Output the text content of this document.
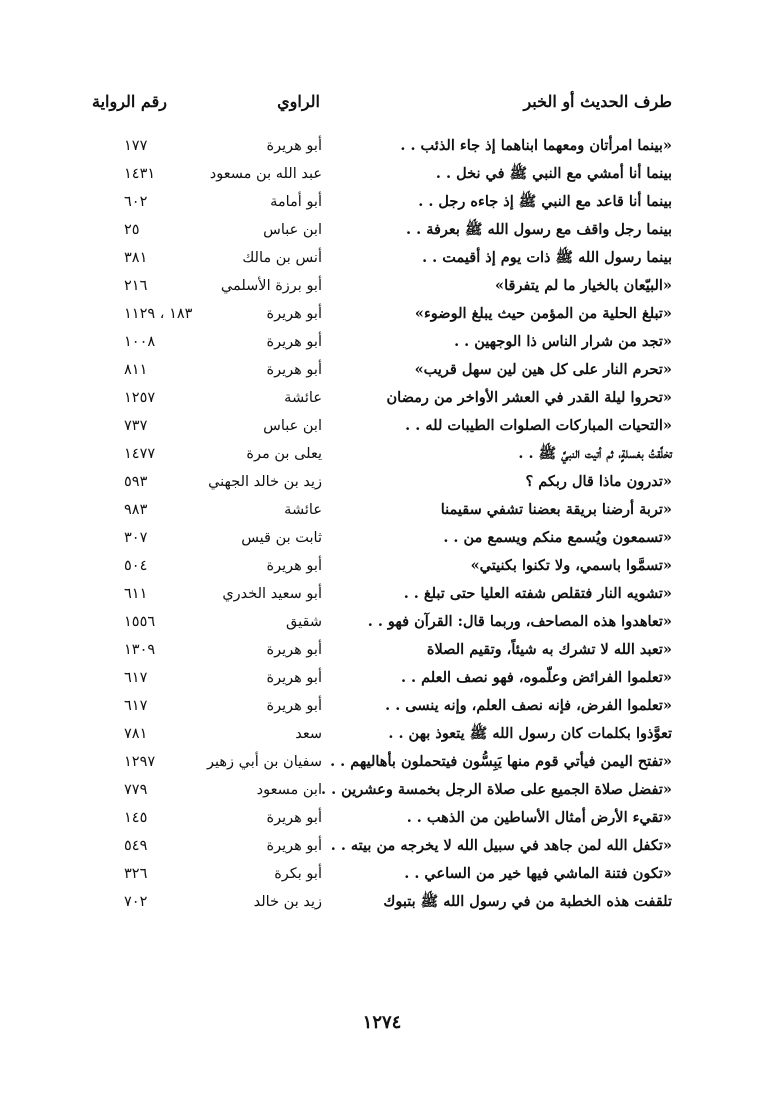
طرف الحديث أو الخبر
الراوي
رقم الرواية
«بينما امرأتان ومعهما ابناهما إذ جاء الذئب . .
أبو هريرة
١٧٧
بينما أنا أمشي مع النبي ﷺ في نخل . .
عبد الله بن مسعود
١٤٣١
بينما أنا قاعد مع النبي ﷺ إذ جاءه رجل . .
أبو أمامة
٦٠٢
بينما رجل واقف مع رسول الله ﷺ بعرفة . .
ابن عباس
٢٥
بينما رسول الله ﷺ ذات يوم إذ أقيمت . .
أنس بن مالك
٣٨١
«البيّعان بالخيار ما لم يتفرقا»
أبو برزة الأسلمي
٢١٦
«تبلغ الحلية من المؤمن حيث يبلغ الوضوء»
أبو هريرة
١٨٣ ، ١١٢٩
«تجد من شرار الناس ذا الوجهين . .
أبو هريرة
١٠٠٨
«تحرم النار على كل هين لين سهل قريب»
أبو هريرة
٨١١
«تحروا ليلة القدر في العشر الأواخر من رمضان
عائشة
١٢٥٧
«التحيات المباركات الصلوات الطيبات لله . .
ابن عباس
٧٣٧
تخلَّقتُ بغسلةٍ، ثم أتيت النبيَّ ﷺ . .
يعلى بن مرة
١٤٧٧
«تدرون ماذا قال ربكم ؟
زيد بن خالد الجهني
٥٩٣
«تربة أرضنا بريقة بعضنا تشفي سقيمنا
عائشة
٩٨٣
«تسمعون ويُسمع منكم ويسمع من . .
ثابت بن قيس
٣٠٧
«تسمَّوا باسمي، ولا تكنوا بكنيتي»
أبو هريرة
٥٠٤
«تشويه النار فتقلص شفته العليا حتى تبلغ . .
أبو سعيد الخدري
٦١١
«تعاهدوا هذه المصاحف، وربما قال: القرآن فهو . .
شقيق
١٥٥٦
«تعبد الله لا تشرك به شيئاً، وتقيم الصلاة
أبو هريرة
١٣٠٩
«تعلموا الفرائض وعلّموه، فهو نصف العلم . .
أبو هريرة
٦١٧
«تعلموا الفرض، فإنه نصف العلم، وإنه ينسى . .
أبو هريرة
٦١٧
تعوَّذوا بكلمات كان رسول الله ﷺ يتعوذ بهن . .
سعد
٧٨١
«تفتح اليمن فيأتي قوم منها يَبِسُّون فيتحملون بأهاليهم . .
سفيان بن أبي زهير
١٢٩٧
«تفضل صلاة الجميع على صلاة الرجل بخمسة وعشرين . .
ابن مسعود
٧٧٩
«تقيء الأرض أمثال الأساطين من الذهب . .
أبو هريرة
١٤٥
«تكفل الله لمن جاهد في سبيل الله لا يخرجه من بيته . .
أبو هريرة
٥٤٩
«تكون فتنة الماشي فيها خير من الساعي . .
أبو بكرة
٣٢٦
تلقفت هذه الخطبة من في رسول الله ﷺ بتبوك
زيد بن خالد
٧٠٢
١٢٧٤
